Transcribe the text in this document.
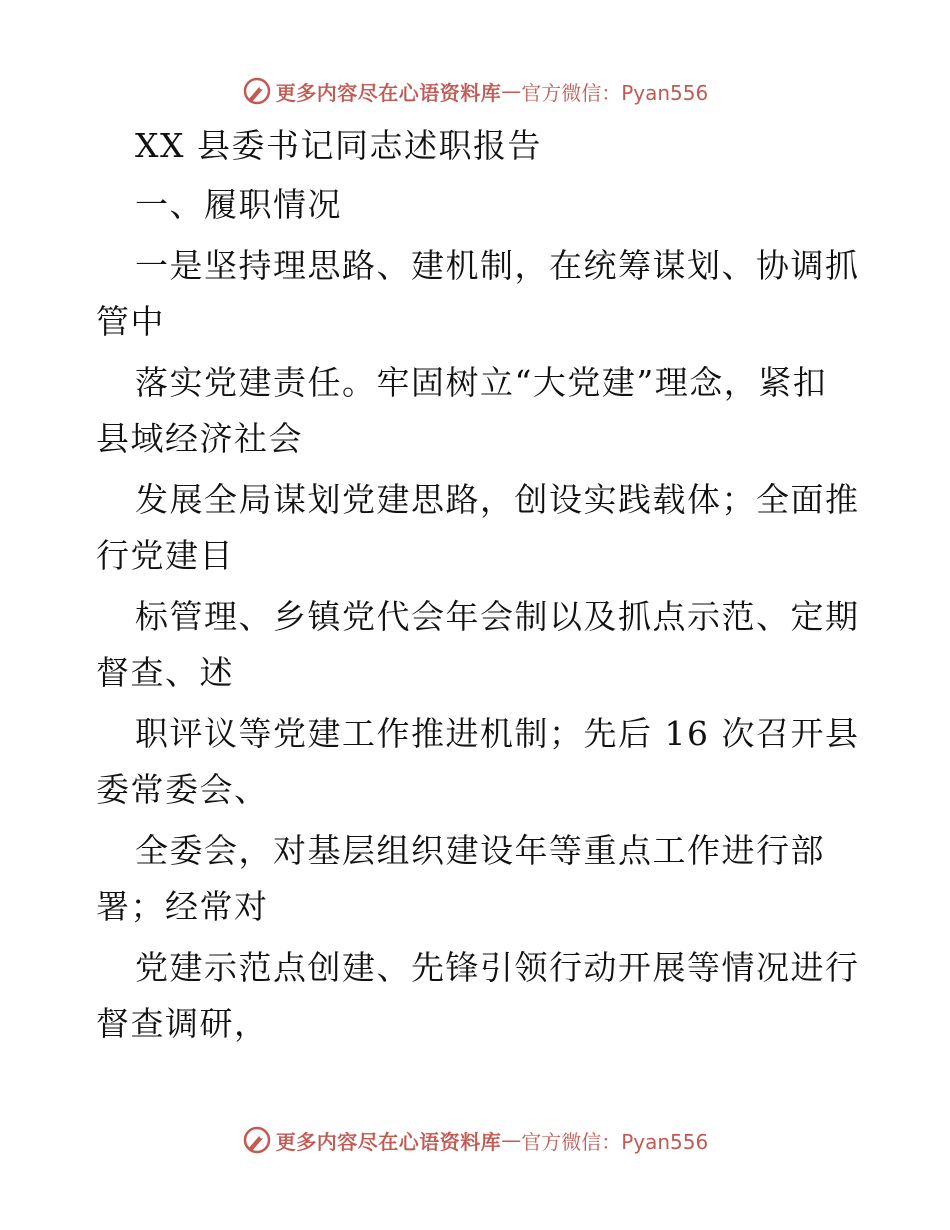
更多内容尽在心语资料库 — 官方微信：Pyan556
XX 县委书记同志述职报告
一、履职情况
一是坚持理思路、建机制，在统筹谋划、协调抓
管中
落实党建责任。牢固树立“大党建”理念，紧扣
县域经济社会
发展全局谋划党建思路，创设实践载体；全面推
行党建目
标管理、乡镇党代会年会制以及抓点示范、定期
督查、述
职评议等党建工作推进机制；先后 16 次召开县
委常委会、
全委会，对基层组织建设年等重点工作进行部
署；经常对
党建示范点创建、先锋引领行动开展等情况进行
督查调研，
更多内容尽在心语资料库 — 官方微信：Pyan556
